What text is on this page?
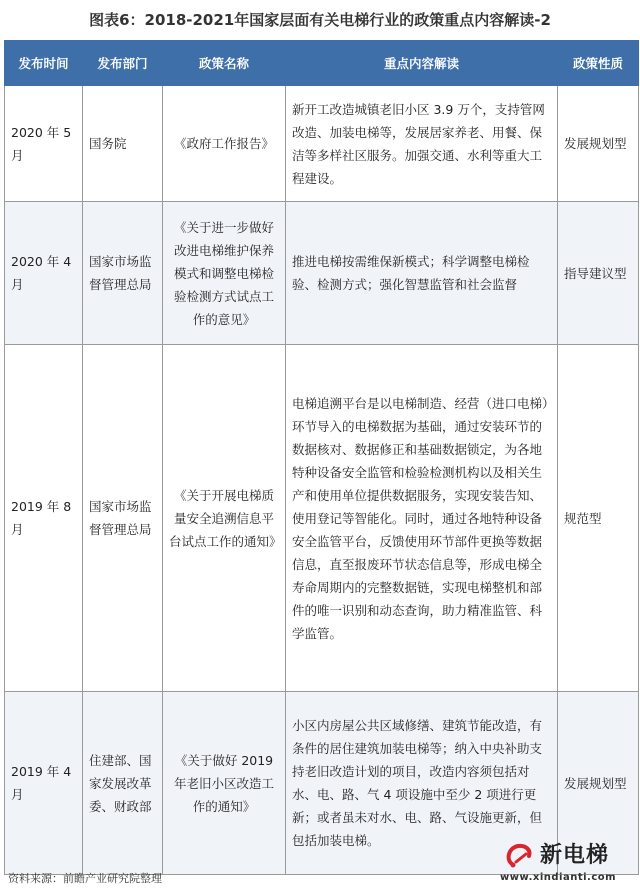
图表6：2018-2021年国家层面有关电梯行业的政策重点内容解读-2
发布时间	发布部门	政策名称	重点内容解读	政策性质
2020 年 5 月	国务院	《政府工作报告》	新开工改造城镇老旧小区 3.9 万个，支持管网改造、加装电梯等，发展居家养老、用餐、保洁等多样社区服务。加强交通、水利等重大工程建设。	发展规划型
2020 年 4 月	国家市场监督管理总局	《关于进一步做好改进电梯维护保养模式和调整电梯检验检测方式试点工作的意见》	推进电梯按需维保新模式；科学调整电梯检验、检测方式；强化智慧监管和社会监督	指导建议型
2019 年 8 月	国家市场监督管理总局	《关于开展电梯质量安全追溯信息平台试点工作的通知》	电梯追溯平台是以电梯制造、经营（进口电梯）环节导入的电梯数据为基础，通过安装环节的数据核对、数据修正和基础数据锁定，为各地特种设备安全监管和检验检测机构以及相关生产和使用单位提供数据服务，实现安装告知、使用登记等智能化。同时，通过各地特种设备安全监管平台，反馈使用环节部件更换等数据信息，直至报废环节状态信息等，形成电梯全寿命周期内的完整数据链，实现电梯整机和部件的唯一识别和动态查询，助力精准监管、科学监管。	规范型
2019 年 4 月	住建部、国家发展改革委、财政部	《关于做好 2019 年老旧小区改造工作的通知》	小区内房屋公共区域修缮、建筑节能改造，有条件的居住建筑加装电梯等；纳入中央补助支持老旧改造计划的项目，改造内容须包括对水、电、路、气 4 项设施中至少 2 项进行更新；或者虽未对水、电、路、气设施更新，但包括加装电梯。	发展规划型
资料来源：前瞻产业研究院整理
新电梯
www.xindianti.com
